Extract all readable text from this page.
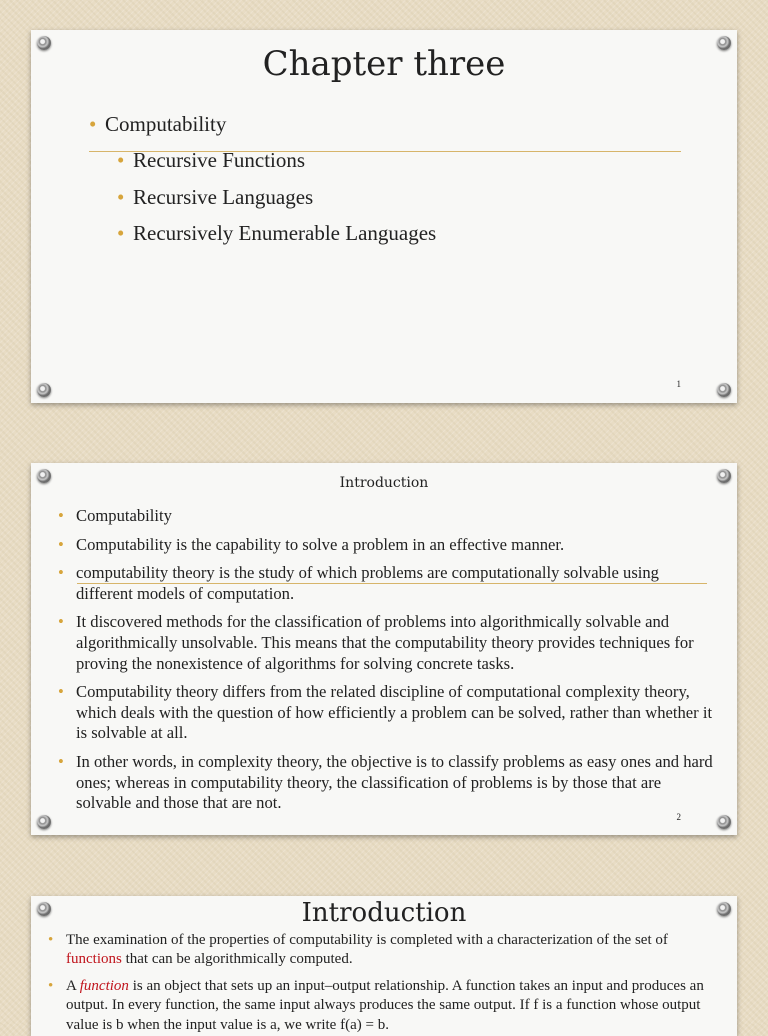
Chapter three
• Computability
• Recursive Functions
• Recursive Languages
• Recursively Enumerable Languages
1
Introduction
• Computability
• Computability is the capability to solve a problem in an effective manner.
• computability theory is the study of which problems are computationally solvable using different models of computation.
• It discovered methods for the classification of problems into algorithmically solvable and algorithmically unsolvable. This means that the computability theory provides techniques for proving the nonexistence of algorithms for solving concrete tasks.
• Computability theory differs from the related discipline of computational complexity theory, which deals with the question of how efficiently a problem can be solved, rather than whether it is solvable at all.
• In other words, in complexity theory, the objective is to classify problems as easy ones and hard ones; whereas in computability theory, the classification of problems is by those that are solvable and those that are not.
2
Introduction
• The examination of the properties of computability is completed with a characterization of the set of functions that can be algorithmically computed.
• A function is an object that sets up an input–output relationship. A function takes an input and produces an output. In every function, the same input always produces the same output. If f is a function whose output value is b when the input value is a, we write f(a) = b.
